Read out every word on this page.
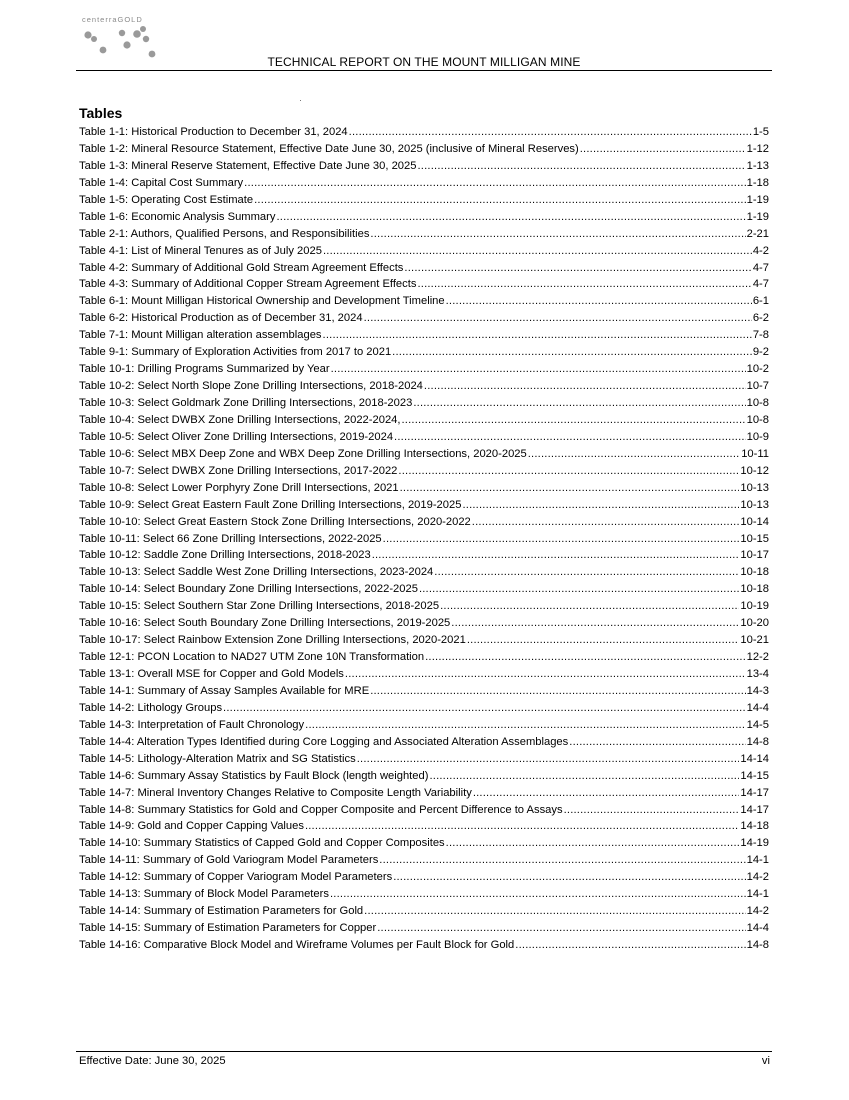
centerraGOLD
TECHNICAL REPORT ON THE MOUNT MILLIGAN MINE
Tables
Table 1-1: Historical Production to December 31, 2024 .....	1-5
Table 1-2: Mineral Resource Statement, Effective Date June 30, 2025 (inclusive of Mineral Reserves) .....	1-12
Table 1-3: Mineral Reserve Statement, Effective Date June 30, 2025 .....	1-13
Table 1-4: Capital Cost Summary .....	1-18
Table 1-5: Operating Cost Estimate .....	1-19
Table 1-6: Economic Analysis Summary .....	1-19
Table 2-1: Authors, Qualified Persons, and Responsibilities .....	2-21
Table 4-1: List of Mineral Tenures as of July 2025 .....	4-2
Table 4-2: Summary of Additional Gold Stream Agreement Effects .....	4-7
Table 4-3: Summary of Additional Copper Stream Agreement Effects .....	4-7
Table 6-1: Mount Milligan Historical Ownership and Development Timeline .....	6-1
Table 6-2: Historical Production as of December 31, 2024 .....	6-2
Table 7-1: Mount Milligan alteration assemblages .....	7-8
Table 9-1: Summary of Exploration Activities from 2017 to 2021 .....	9-2
Table 10-1: Drilling Programs Summarized by Year .....	10-2
Table 10-2: Select North Slope Zone Drilling Intersections, 2018-2024 .....	10-7
Table 10-3: Select Goldmark Zone Drilling Intersections, 2018-2023 .....	10-8
Table 10-4: Select DWBX Zone Drilling Intersections, 2022-2024, .....	10-8
Table 10-5: Select Oliver Zone Drilling Intersections, 2019-2024 .....	10-9
Table 10-6: Select MBX Deep Zone and WBX Deep Zone Drilling Intersections, 2020-2025 .....	10-11
Table 10-7: Select DWBX Zone Drilling Intersections, 2017-2022 .....	10-12
Table 10-8: Select Lower Porphyry Zone Drill Intersections, 2021 .....	10-13
Table 10-9: Select Great Eastern Fault Zone Drilling Intersections, 2019-2025 .....	10-13
Table 10-10: Select Great Eastern Stock Zone Drilling Intersections, 2020-2022 .....	10-14
Table 10-11: Select 66 Zone Drilling Intersections, 2022-2025 .....	10-15
Table 10-12: Saddle Zone Drilling Intersections, 2018-2023 .....	10-17
Table 10-13: Select Saddle West Zone Drilling Intersections, 2023-2024 .....	10-18
Table 10-14: Select Boundary Zone Drilling Intersections, 2022-2025 .....	10-18
Table 10-15: Select Southern Star Zone Drilling Intersections, 2018-2025 .....	10-19
Table 10-16: Select South Boundary Zone Drilling Intersections, 2019-2025 .....	10-20
Table 10-17: Select Rainbow Extension Zone Drilling Intersections, 2020-2021 .....	10-21
Table 12-1: PCON Location to NAD27 UTM Zone 10N Transformation .....	12-2
Table 13-1: Overall MSE for Copper and Gold Models .....	13-4
Table 14-1: Summary of Assay Samples Available for MRE .....	14-3
Table 14-2: Lithology Groups .....	14-4
Table 14-3: Interpretation of Fault Chronology .....	14-5
Table 14-4: Alteration Types Identified during Core Logging and Associated Alteration Assemblages .....	14-8
Table 14-5: Lithology-Alteration Matrix and SG Statistics .....	14-14
Table 14-6: Summary Assay Statistics by Fault Block (length weighted) .....	14-15
Table 14-7: Mineral Inventory Changes Relative to Composite Length Variability .....	14-17
Table 14-8: Summary Statistics for Gold and Copper Composite and Percent Difference to Assays .....	14-17
Table 14-9: Gold and Copper Capping Values .....	14-18
Table 14-10: Summary Statistics of Capped Gold and Copper Composites .....	14-19
Table 14-11: Summary of Gold Variogram Model Parameters .....	14-1
Table 14-12: Summary of Copper Variogram Model Parameters .....	14-2
Table 14-13: Summary of Block Model Parameters .....	14-1
Table 14-14: Summary of Estimation Parameters for Gold .....	14-2
Table 14-15: Summary of Estimation Parameters for Copper .....	14-4
Table 14-16: Comparative Block Model and Wireframe Volumes per Fault Block for Gold .....	14-8
Effective Date: June 30, 2025	vi
